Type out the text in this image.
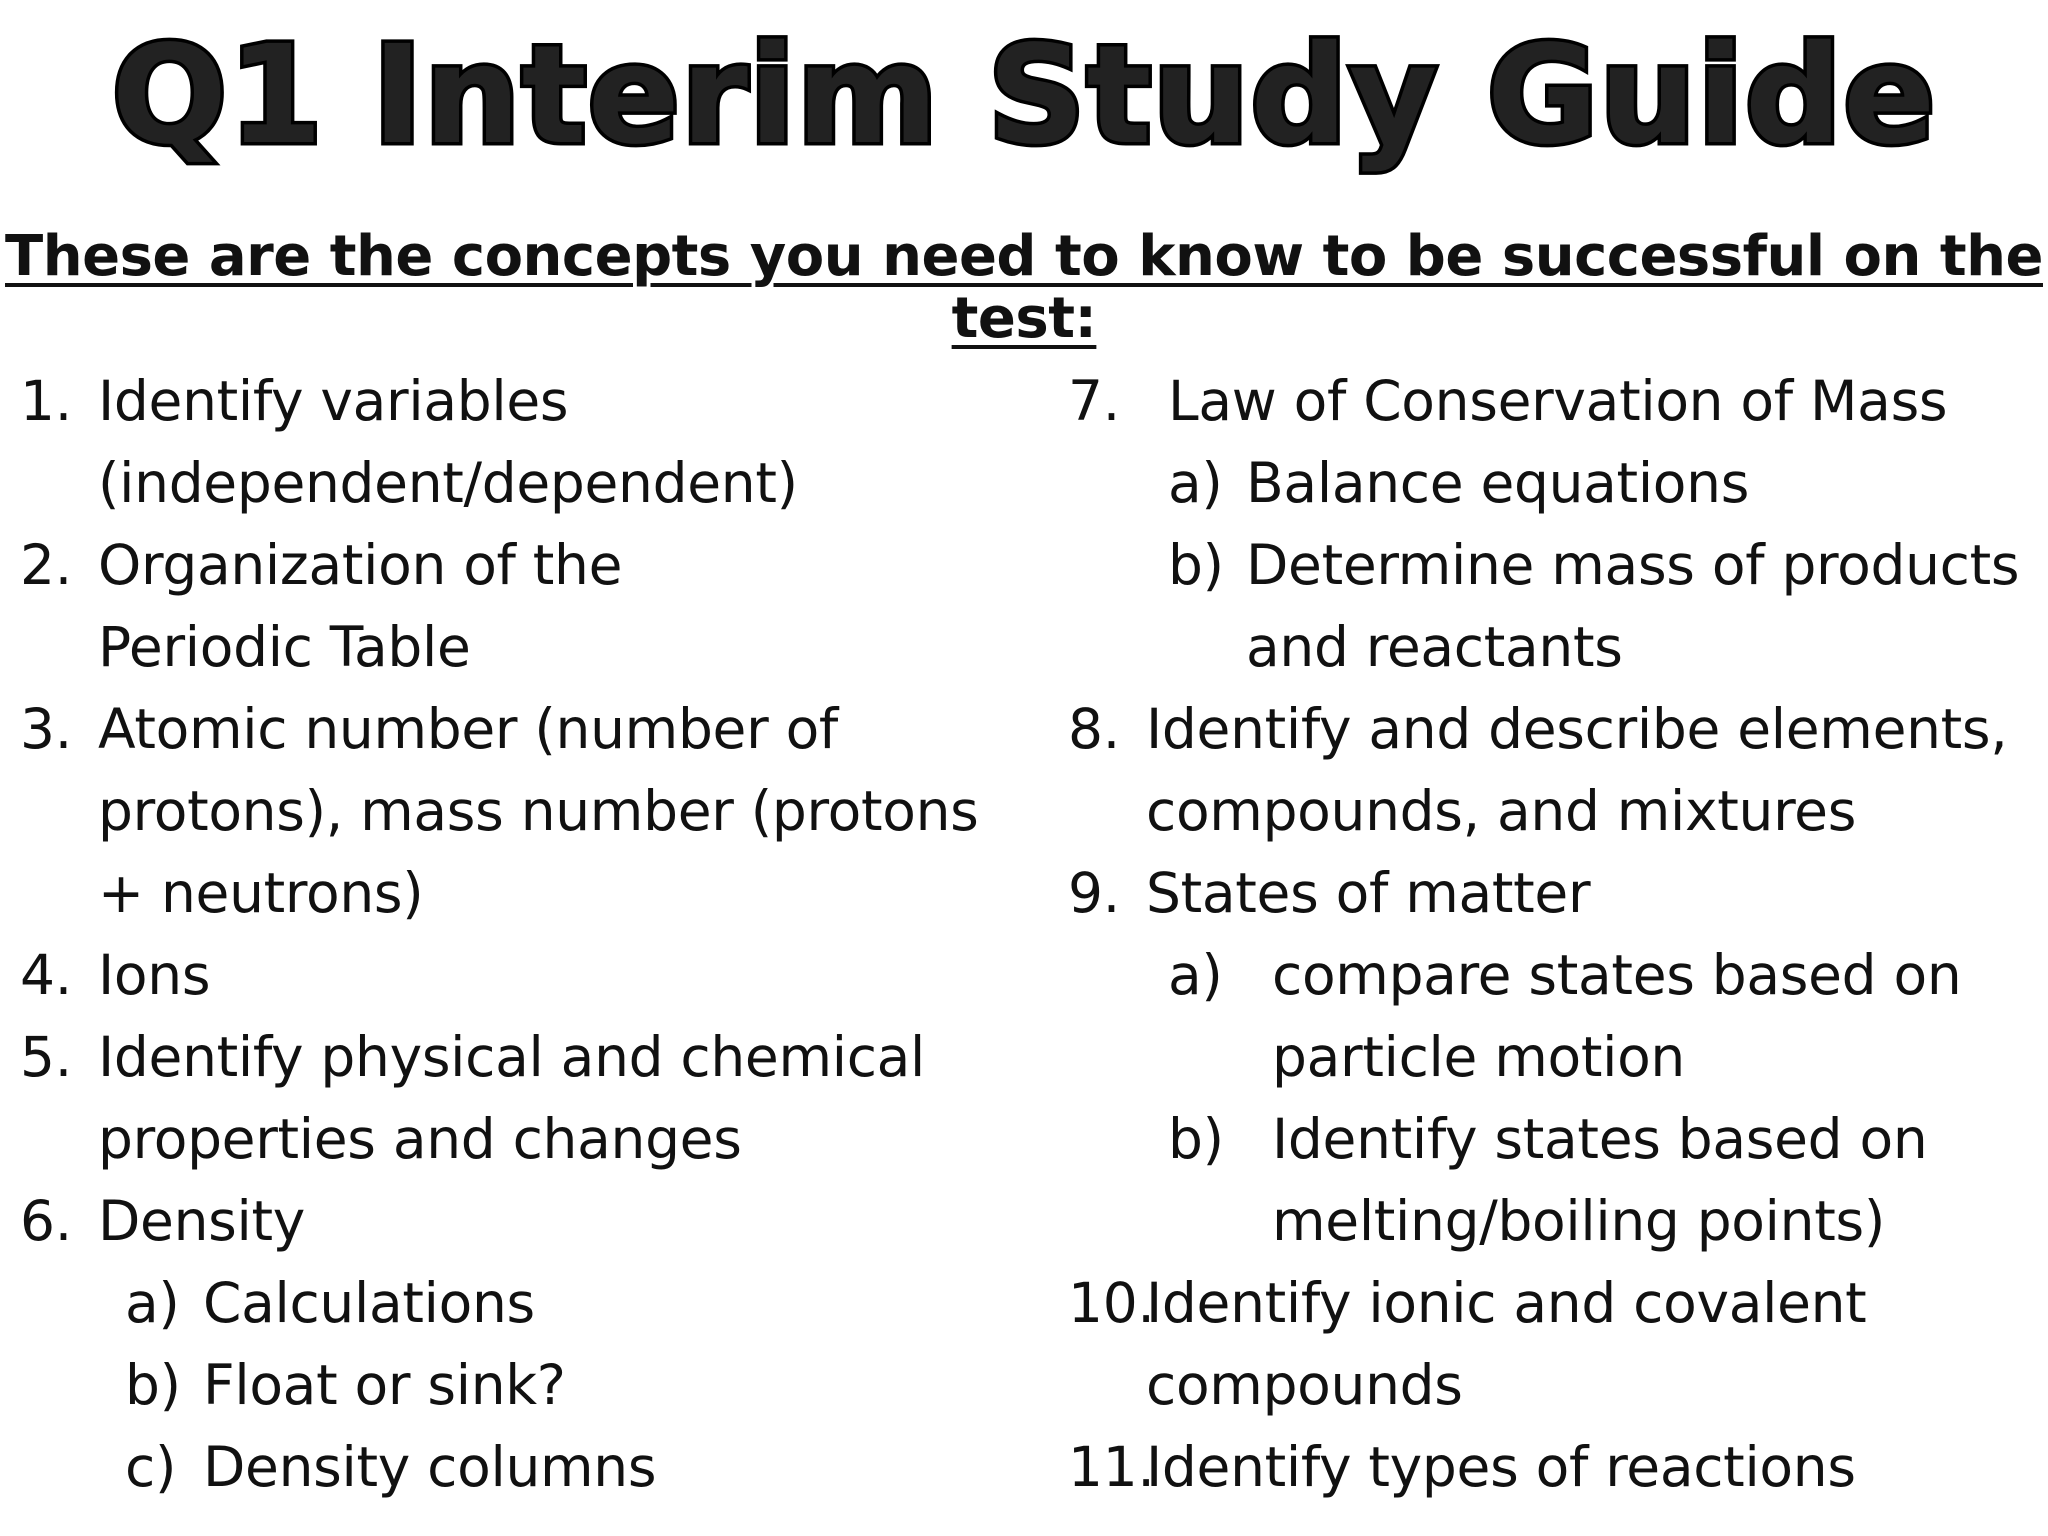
Q1 Interim Study Guide
These are the concepts you need to know to be successful on the test:
1. Identify variables (independent/dependent)
2. Organization of the Periodic Table
3. Atomic number (number of protons), mass number (protons + neutrons)
4. Ions
5. Identify physical and chemical properties and changes
6. Density
a) Calculations
b) Float or sink?
c) Density columns
7. Law of Conservation of Mass
a) Balance equations
b) Determine mass of products and reactants
8. Identify and describe elements, compounds, and mixtures
9. States of matter
a) compare states based on particle motion
b) Identify states based on melting/boiling points)
10.
Identify ionic and covalent compounds
11.
Identify types of reactions
